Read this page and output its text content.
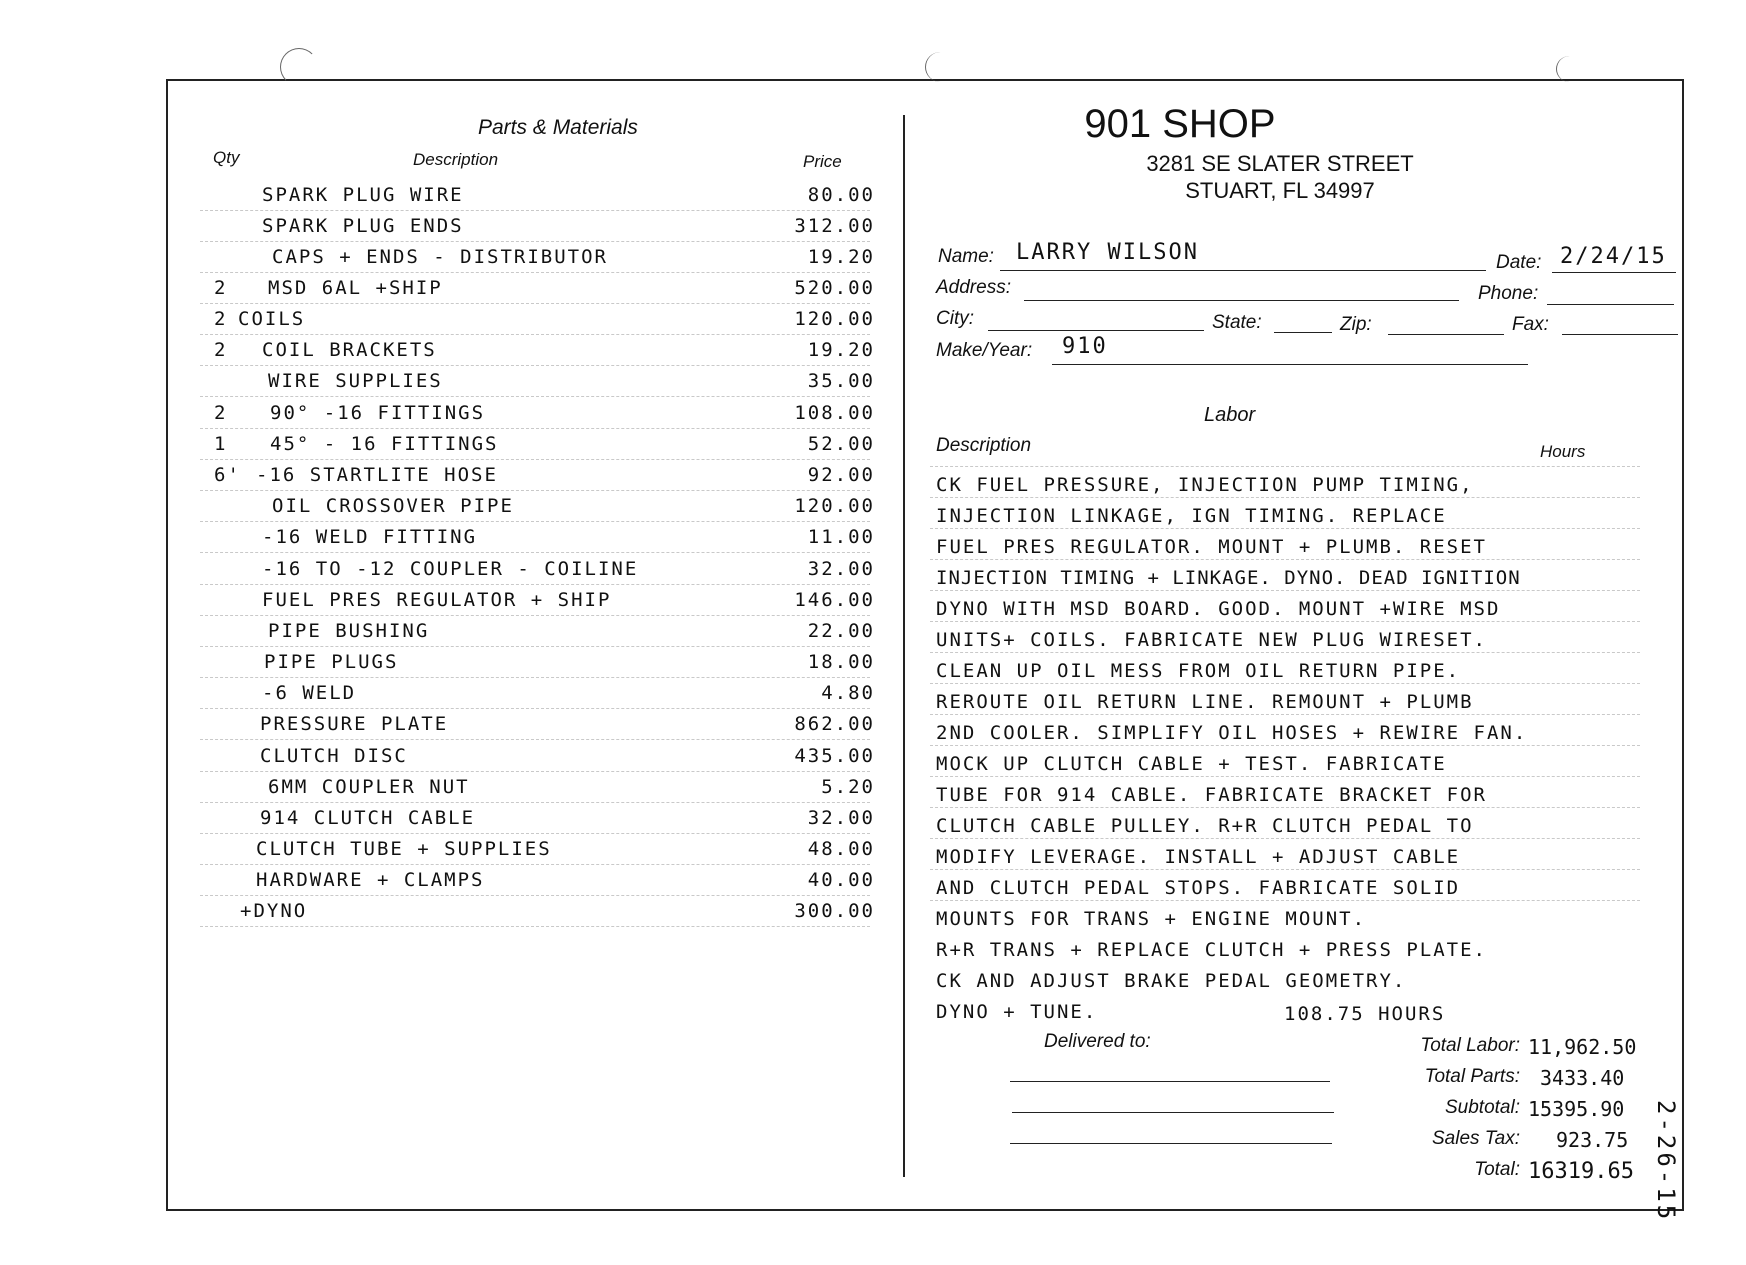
Parts & Materials
Qty	Description	Price
SPARK PLUG WIRE	80.00
SPARK PLUG ENDS	312.00
CAPS + ENDS - DISTRIBUTOR	19.20
2 MSD 6AL +SHIP	520.00
2 COILS	120.00
2 COIL BRACKETS	19.20
WIRE SUPPLIES	35.00
2 90° -16 FITTINGS	108.00
1 45° - 16 FITTINGS	52.00
6' -16 STARTLITE HOSE	92.00
OIL CROSSOVER PIPE	120.00
-16 WELD FITTING	11.00
-16 TO -12 COUPLER - COILINE	32.00
FUEL PRES REGULATOR + SHIP	146.00
PIPE BUSHING	22.00
PIPE PLUGS	18.00
-6 WELD	4.80
PRESSURE PLATE	862.00
CLUTCH DISC	435.00
6MM COUPLER NUT	5.20
914 CLUTCH CABLE	32.00
CLUTCH TUBE + SUPPLIES	48.00
HARDWARE + CLAMPS	40.00
+DYNO	300.00
901 SHOP
3281 SE SLATER STREET
STUART, FL 34997
Name: LARRY WILSON	Date: 2/24/15
Address:	Phone:
City:	State:	Zip:	Fax:
Make/Year: 910
Labor
Description	Hours
CK FUEL PRESSURE, INJECTION PUMP TIMING,
INJECTION LINKAGE, IGN TIMING. REPLACE
FUEL PRES REGULATOR. MOUNT + PLUMB. RESET
INJECTION TIMING + LINKAGE. DYNO. DEAD IGNITION
DYNO WITH MSD BOARD. GOOD. MOUNT +WIRE MSD
UNITS+ COILS. FABRICATE NEW PLUG WIRESET.
CLEAN UP OIL MESS FROM OIL RETURN PIPE.
REROUTE OIL RETURN LINE. REMOUNT + PLUMB
2ND COOLER. SIMPLIFY OIL HOSES + REWIRE FAN.
MOCK UP CLUTCH CABLE + TEST. FABRICATE
TUBE FOR 914 CABLE. FABRICATE BRACKET FOR
CLUTCH CABLE PULLEY. R+R CLUTCH PEDAL TO
MODIFY LEVERAGE. INSTALL + ADJUST CABLE
AND CLUTCH PEDAL STOPS. FABRICATE SOLID
MOUNTS FOR TRANS + ENGINE MOUNT.
R+R TRANS + REPLACE CLUTCH + PRESS PLATE.
CK AND ADJUST BRAKE PEDAL GEOMETRY.
DYNO + TUNE.	108.75 HOURS
Delivered to:	Total Labor: 11,962.50
Total Parts: 3433.40
Subtotal: 15395.90
Sales Tax: 923.75
Total: 16319.65 2-26-15
